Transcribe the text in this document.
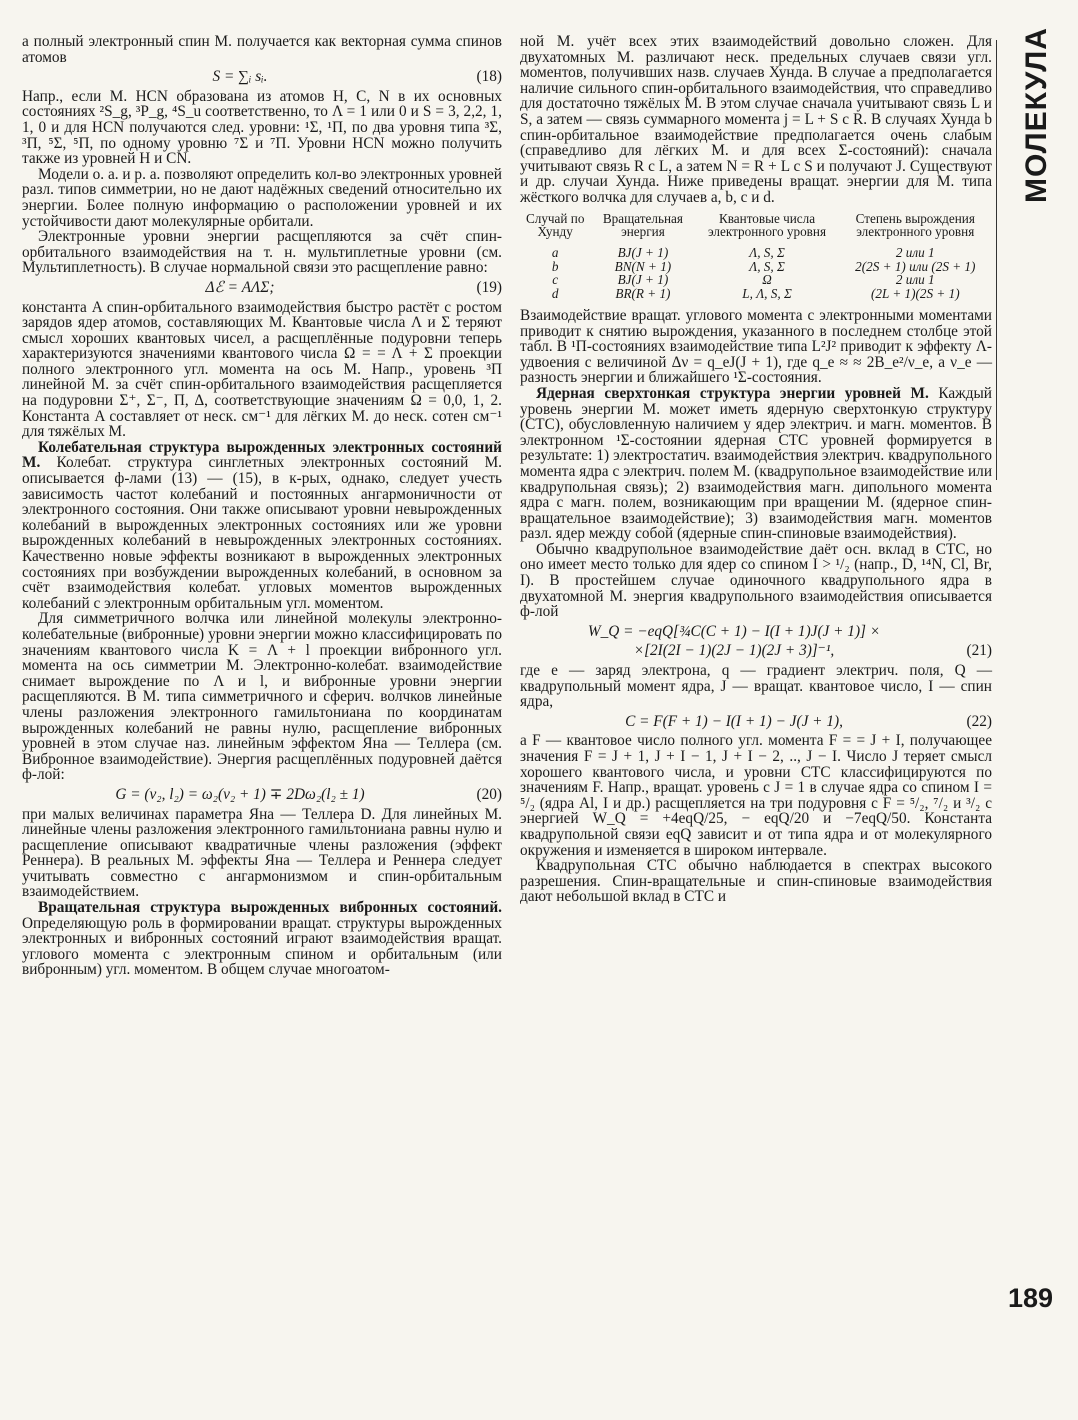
МОЛЕКУЛА

а полный электронный спин М. получается как векторная сумма спинов атомов

S = ∑ᵢ sᵢ.	(18)

Напр., если М. HCN образована из атомов H, C, N в их основных состояниях ²S_g, ³P_g, ⁴S_u соответственно, то Λ = 1 или 0 и S = 3, 2,2, 1, 1, 0 и для HCN получаются след. уровни: ¹Σ, ¹Π, по два уровня типа ³Σ, ³Π, ⁵Σ, ⁵Π, по одному уровню ⁷Σ и ⁷Π. Уровни HCN можно получить также из уровней H и CN.

Модели о. а. и р. а. позволяют определить кол-во электронных уровней разл. типов симметрии, но не дают надёжных сведений относительно их энергии. Более полную информацию о расположении уровней и их устойчивости дают молекулярные орбитали.

Электронные уровни энергии расщепляются за счёт спин-орбитального взаимодействия на т. н. мультиплетные уровни (см. Мультиплетность). В случае нормальной связи это расщепление равно:

Δℰ = AΛΣ;	(19)

константа A спин-орбитального взаимодействия быстро растёт с ростом зарядов ядер атомов, составляющих М. Квантовые числа Λ и Σ теряют смысл хороших квантовых чисел, а расщеплённые подуровни теперь характеризуются значениями квантового числа Ω = = Λ + Σ проекции полного электронного угл. момента на ось М. Напр., уровень ³Π линейной М. за счёт спин-орбитального взаимодействия расщепляется на подуровни Σ⁺, Σ⁻, Π, Δ, соответствующие значениям Ω = 0,0, 1, 2. Константа A составляет от неск. см⁻¹ для лёгких М. до неск. сотен см⁻¹ для тяжёлых М.

Колебательная структура вырожденных электронных состояний М. Колебат. структура синглетных электронных состояний М. описывается ф-лами (13) — (15), в к-рых, однако, следует учесть зависимость частот колебаний и постоянных ангармоничности от электронного состояния. Они также описывают уровни невырожденных колебаний в вырожденных электронных состояниях или же уровни вырожденных колебаний в невырожденных электронных состояниях. Качественно новые эффекты возникают в вырожденных электронных состояниях при возбуждении вырожденных колебаний, в основном за счёт взаимодействия колебат. угловых моментов вырожденных колебаний с электронным орбитальным угл. моментом.

Для симметричного волчка или линейной молекулы электронно-колебательные (вибронные) уровни энергии можно классифицировать по значениям квантового числа K = Λ + l проекции вибронного угл. момента на ось симметрии М. Электронно-колебат. взаимодействие снимает вырождение по Λ и l, и вибронные уровни энергии расщепляются. В М. типа симметричного и сферич. волчков линейные члены разложения электронного гамильтониана по координатам вырожденных колебаний не равны нулю, расщепление вибронных уровней в этом случае наз. линейным эффектом Яна — Теллера (см. Вибронное взаимодействие). Энергия расщеплённых подуровней даётся ф-лой:

G = (v₂, l₂) = ω₂(v₂ + 1) ∓ 2Dω₂(l₂ ± 1)	(20)

при малых величинах параметра Яна — Теллера D. Для линейных М. линейные члены разложения электронного гамильтониана равны нулю и расщепление описывают квадратичные члены разложения (эффект Реннера). В реальных М. эффекты Яна — Теллера и Реннера следует учитывать совместно с ангармонизмом и спин-орбитальным взаимодействием.

Вращательная структура вырожденных вибронных состояний. Определяющую роль в формировании вращат. структуры вырожденных электронных и вибронных состояний играют взаимодействия вращат. углового момента с электронным спином и орбитальным (или вибронным) угл. моментом. В общем случае многоатом-

ной М. учёт всех этих взаимодействий довольно сложен. Для двухатомных М. различают неск. предельных случаев связи угл. моментов, получивших назв. случаев Хунда. В случае a предполагается наличие сильного спин-орбитального взаимодействия, что справедливо для достаточно тяжёлых М. В этом случае сначала учитывают связь L и S, а затем — связь суммарного момента j = L + S с R. В случаях Хунда b спин-орбитальное взаимодействие предполагается очень слабым (справедливо для лёгких М. и для всех Σ-состояний): сначала учитывают связь R с L, а затем N = R + L с S и получают J. Существуют и др. случаи Хунда. Ниже приведены вращат. энергии для М. типа жёсткого волчка для случаев a, b, c и d.

Случай по Хунду	Вращательная энергия	Квантовые числа электронного уровня	Степень вырождения электронного уровня
a	BJ(J + 1)	Λ, S, Σ	2 или 1
b	BN(N + 1)	Λ, S, Σ	2(2S + 1) или (2S + 1)
c	BJ(J + 1)	Ω	2 или 1
d	BR(R + 1)	L, Λ, S, Σ	(2L + 1)(2S + 1)

Взаимодействие вращат. углового момента с электронными моментами приводит к снятию вырождения, указанного в последнем столбце этой табл. В ¹Π-состояниях взаимодействие типа L²J² приводит к эффекту Λ-удвоения с величиной Δν = q_eJ(J + 1), где q_e ≈ ≈ 2B_e²/ν_e, а ν_e — разность энергии и ближайшего ¹Σ-состояния.

Ядерная сверхтонкая структура энергии уровней М. Каждый уровень энергии М. может иметь ядерную сверхтонкую структуру (СТС), обусловленную наличием у ядер электрич. и магн. моментов. В электронном ¹Σ-состоянии ядерная СТС уровней формируется в результате: 1) электростатич. взаимодействия электрич. квадрупольного момента ядра с электрич. полем М. (квадрупольное взаимодействие или квадрупольная связь); 2) взаимодействия магн. дипольного момента ядра с магн. полем, возникающим при вращении М. (ядерное спин-вращательное взаимодействие); 3) взаимодействия магн. моментов разл. ядер между собой (ядерные спин-спиновые взаимодействия).

Обычно квадрупольное взаимодействие даёт осн. вклад в СТС, но оно имеет место только для ядер со спином I > ¹/₂ (напр., D, ¹⁴N, Cl, Br, I). В простейшем случае одиночного квадрупольного ядра в двухатомной М. энергия квадрупольного взаимодействия описывается ф-лой

W_Q = −eqQ[¾C(C + 1) − I(I + 1)J(J + 1)] ×
×[2I(2I − 1)(2J − 1)(2J + 3)]⁻¹,	(21)

где e — заряд электрона, q — градиент электрич. поля, Q — квадрупольный момент ядра, J — вращат. квантовое число, I — спин ядра,

C = F(F + 1) − I(I + 1) − J(J + 1),	(22)

а F — квантовое число полного угл. момента F = = J + I, получающее значения F = J + 1, J + I − 1, J + I − 2, .., J − I. Число J теряет смысл хорошего квантового числа, и уровни СТС классифицируются по значениям F. Напр., вращат. уровень с J = 1 в случае ядра со спином I = ⁵/₂ (ядра Al, I и др.) расщепляется на три подуровня с F = ⁵/₂, ⁷/₂ и ³/₂ с энергией W_Q = +4eqQ/25, − eqQ/20 и −7eqQ/50. Константа квадрупольной связи eqQ зависит и от типа ядра и от молекулярного окружения и изменяется в широком интервале.

Квадрупольная СТС обычно наблюдается в спектрах высокого разрешения. Спин-вращательные и спин-спиновые взаимодействия дают небольшой вклад в СТС и

189
